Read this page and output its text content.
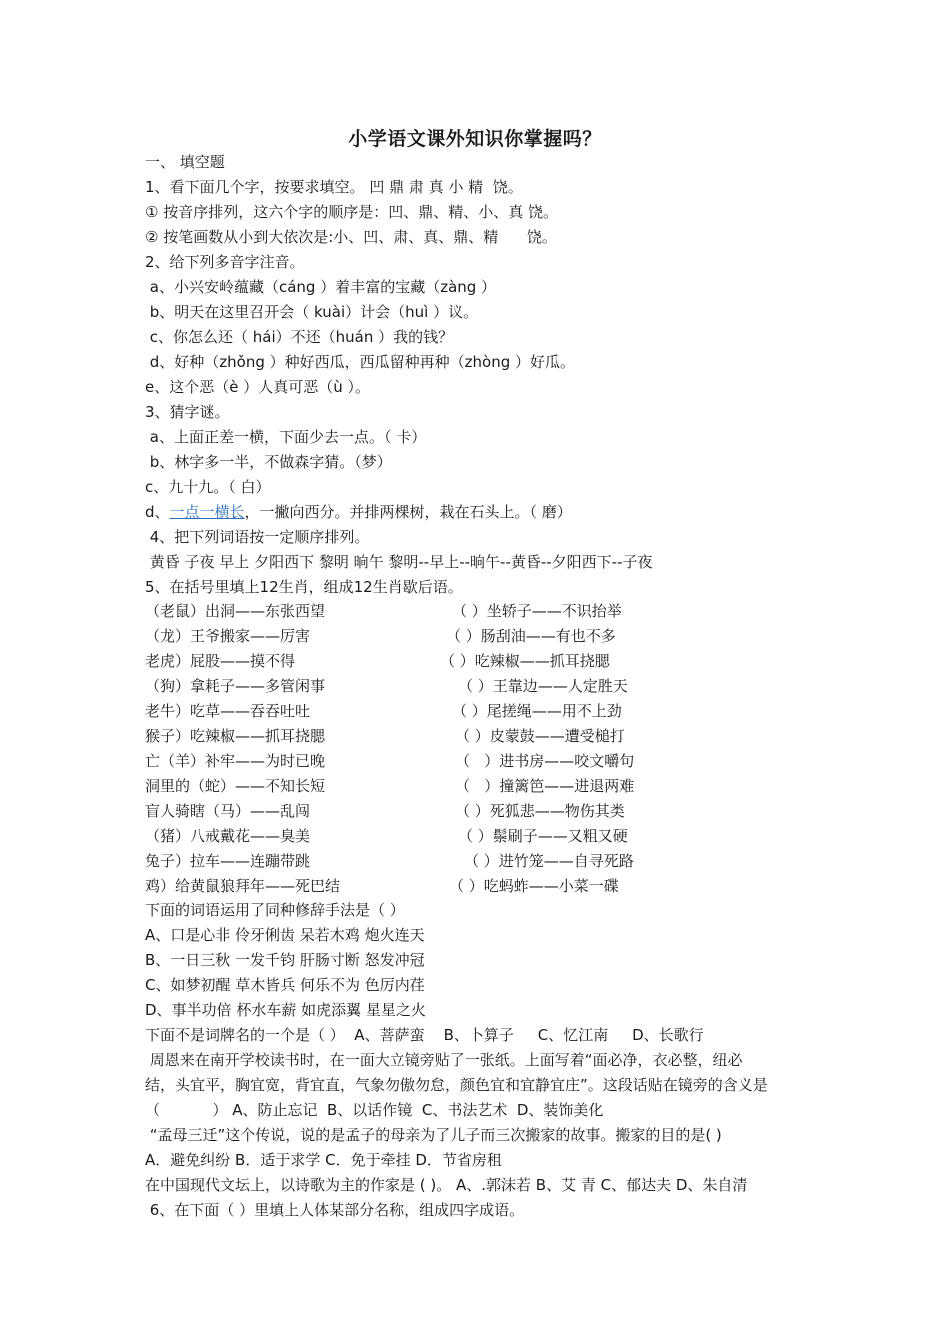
小学语文课外知识你掌握吗？
一、 填空题
1、看下面几个字，按要求填空。 凹 鼎 肃 真 小 精  饶。
① 按音序排列，这六个字的顺序是：凹、鼎、精、小、真 饶。
② 按笔画数从小到大依次是:小、凹、肃、真、鼎、精      饶。
2、给下列多音字注音。
a、小兴安岭蕴藏（cáng ）着丰富的宝藏（zàng ）
b、明天在这里召开会（ kuài）计会（huì ）议。
c、你怎么还（ hái）不还（huán ）我的钱？
d、好种（zhǒng ）种好西瓜，西瓜留种再种（zhòng ）好瓜。
e、这个恶（è ）人真可恶（ù ）。
3、猜字谜。
a、上面正差一横，下面少去一点。（ 卡）
b、林字多一半，不做森字猜。（梦）
c、九十九。（ 白）
d、一点一横长，一撇向西分。并排两棵树，栽在石头上。（ 磨）
4、把下列词语按一定顺序排列。
黄昏 子夜 早上 夕阳西下 黎明 晌午 黎明--早上--晌午--黄昏--夕阳西下--子夜
5、在括号里填上12生肖，组成12生肖歇后语。
（老鼠）出洞——东张西望	（ ）坐轿子——不识抬举
（龙）王爷搬家——厉害	（ ）肠刮油——有也不多
老虎）屁股——摸不得	（ ）吃辣椒——抓耳挠腮
（狗）拿耗子——多管闲事	（ ）王靠边——人定胜天
老牛）吃草——吞吞吐吐	（ ）尾搓绳——用不上劲
猴子）吃辣椒——抓耳挠腮	（ ）皮蒙鼓——遭受槌打
亡（羊）补牢——为时已晚	（   ）进书房——咬文嚼句
洞里的（蛇）——不知长短	（   ）撞篱笆——进退两难
盲人骑瞎（马）——乱闯	（ ）死狐悲——物伤其类
（猪）八戒戴花——臭美	（ ）鬃刷子——又粗又硬
兔子）拉车——连蹦带跳	（ ）进竹笼——自寻死路
鸡）给黄鼠狼拜年——死巴结	（ ）吃蚂蚱——小菜一碟
下面的词语运用了同种修辞手法是（ ）
A、口是心非 伶牙俐齿 呆若木鸡 炮火连天
B、一日三秋 一发千钧 肝肠寸断 怒发冲冠
C、如梦初醒 草木皆兵 何乐不为 色厉内荏
D、事半功倍 杯水车薪 如虎添翼 星星之火
下面不是词牌名的一个是（ ）  A、菩萨蛮    B、卜算子     C、忆江南     D、长歌行
周恩来在南开学校读书时，在一面大立镜旁贴了一张纸。上面写着“面必净，衣必整，纽必
结，头宜平，胸宜宽，背宜直，气象勿傲勿怠，颜色宜和宜静宜庄”。这段话贴在镜旁的含义是
（           ） A、防止忘记  B、以话作镜  C、书法艺术  D、装饰美化
“孟母三迁”这个传说，说的是孟子的母亲为了儿子而三次搬家的故事。搬家的目的是( )
A．避免纠纷 B．适于求学 C．免于牵挂 D．节省房租
在中国现代文坛上，以诗歌为主的作家是 ( )。 A、.郭沫若 B、艾 青 C、郁达夫 D、朱自清
6、在下面（ ）里填上人体某部分名称，组成四字成语。
